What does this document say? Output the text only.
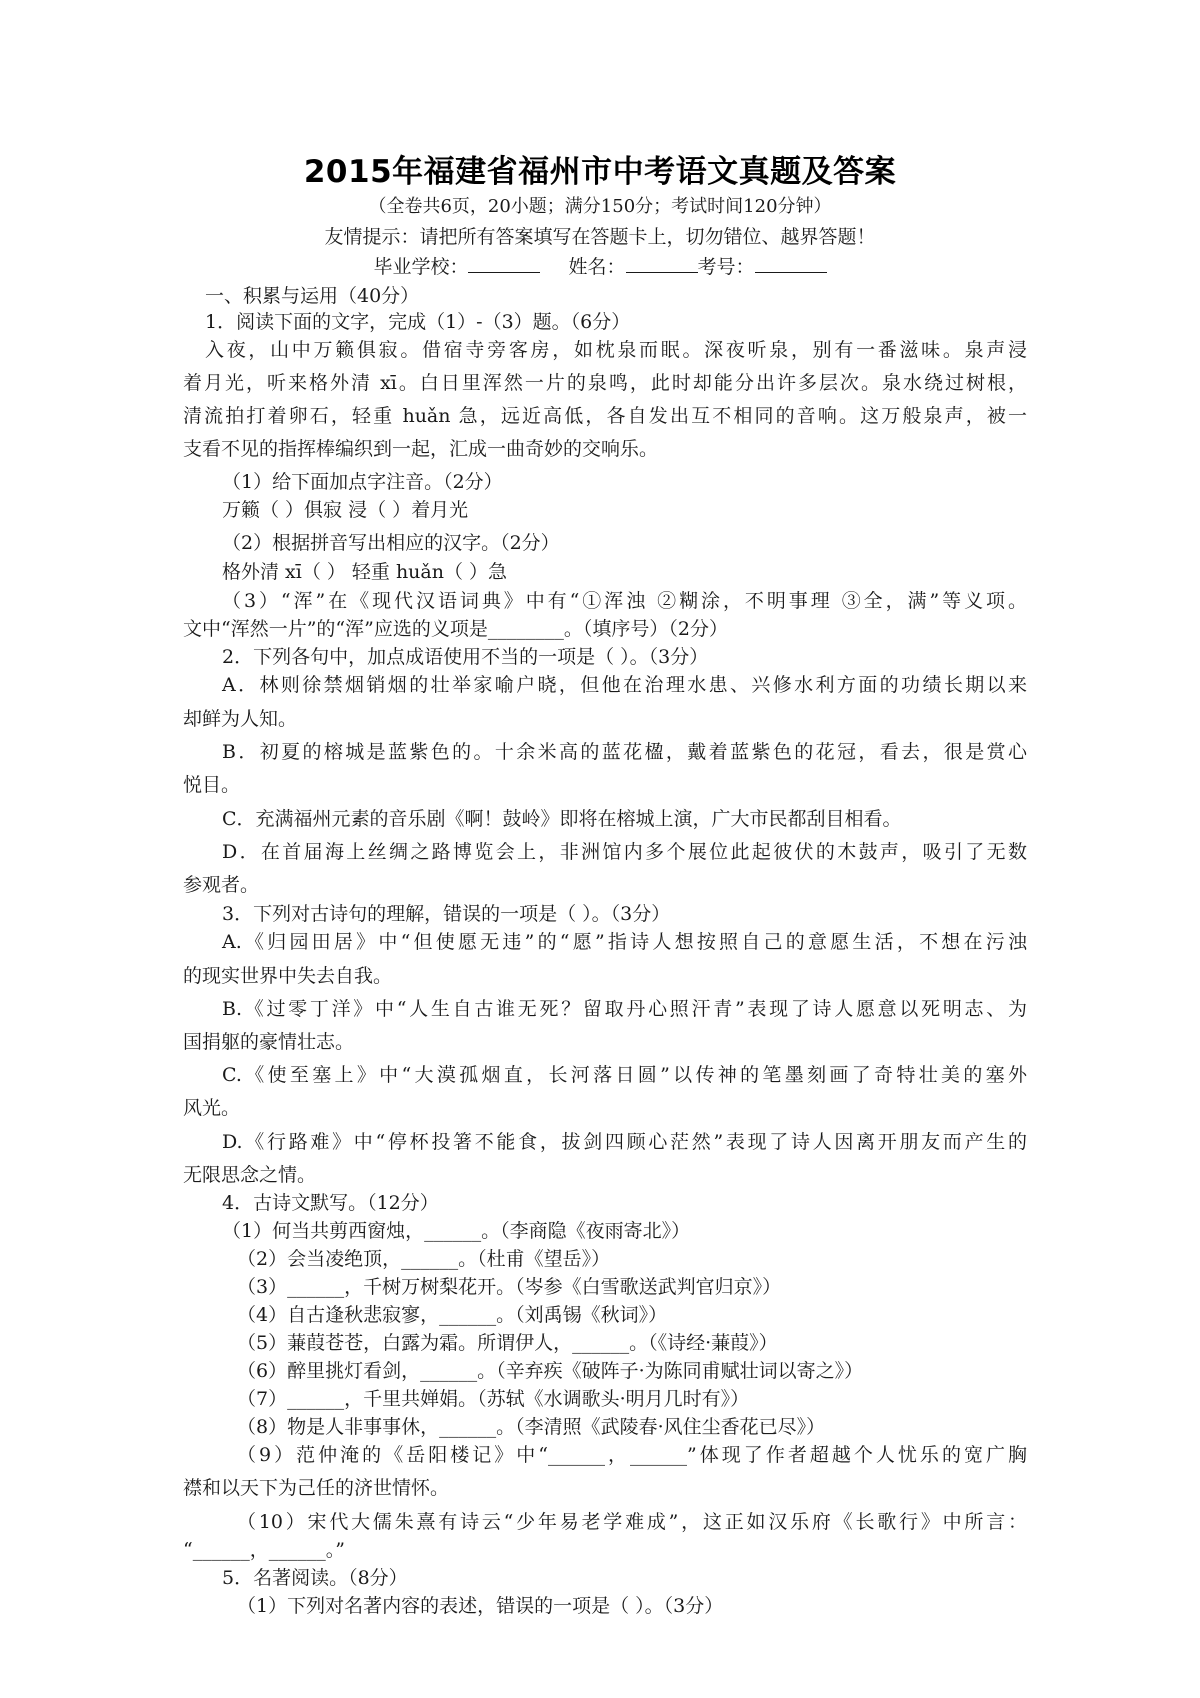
2015年福建省福州市中考语文真题及答案
（全卷共6页，20小题；满分150分；考试时间120分钟）
友情提示：请把所有答案填写在答题卡上，切勿错位、越界答题！
毕业学校：	姓名：	考号：
一、积累与运用（40分）
1．阅读下面的文字，完成（1）-（3）题。（6分）
入夜，山中万籁俱寂。借宿寺旁客房，如枕泉而眠。深夜听泉，别有一番滋味。泉声浸
着月光，听来格外清 xī。白日里浑然一片的泉鸣，此时却能分出许多层次。泉水绕过树根，
清流拍打着卵石，轻重 huǎn 急，远近高低，各自发出互不相同的音响。这万般泉声，被一
支看不见的指挥棒编织到一起，汇成一曲奇妙的交响乐。
（1）给下面加点字注音。（2分）
万籁（ ）俱寂 浸（ ）着月光
（2）根据拼音写出相应的汉字。（2分）
格外清 xī（ ） 轻重 huǎn（ ）急
（3）“浑”在《现代汉语词典》中有“①浑浊 ②糊涂，不明事理 ③全，满”等义项。
文中“浑然一片”的“浑”应选的义项是________。（填序号）（2分）
2．下列各句中，加点成语使用不当的一项是（ ）。（3分）
A．林则徐禁烟销烟的壮举家喻户晓，但他在治理水患、兴修水利方面的功绩长期以来
却鲜为人知。
B．初夏的榕城是蓝紫色的。十余米高的蓝花楹，戴着蓝紫色的花冠，看去，很是赏心
悦目。
C．充满福州元素的音乐剧《啊！鼓岭》即将在榕城上演，广大市民都刮目相看。
D．在首届海上丝绸之路博览会上，非洲馆内多个展位此起彼伏的木鼓声，吸引了无数
参观者。
3．下列对古诗句的理解，错误的一项是（ ）。（3分）
A.《归园田居》中“但使愿无违”的“愿”指诗人想按照自己的意愿生活，不想在污浊
的现实世界中失去自我。
B.《过零丁洋》中“人生自古谁无死？留取丹心照汗青”表现了诗人愿意以死明志、为
国捐躯的豪情壮志。
C.《使至塞上》中“大漠孤烟直，长河落日圆”以传神的笔墨刻画了奇特壮美的塞外
风光。
D.《行路难》中“停杯投箸不能食，拔剑四顾心茫然”表现了诗人因离开朋友而产生的
无限思念之情。
4．古诗文默写。（12分）
（1）何当共剪西窗烛，______。（李商隐《夜雨寄北》）
（2）会当凌绝顶，______。（杜甫《望岳》）
（3）______，千树万树梨花开。（岑参《白雪歌送武判官归京》）
（4）自古逢秋悲寂寥，______。（刘禹锡《秋词》）
（5）蒹葭苍苍，白露为霜。所谓伊人，______。（《诗经·蒹葭》）
（6）醉里挑灯看剑，______。（辛弃疾《破阵子·为陈同甫赋壮词以寄之》）
（7）______，千里共婵娟。（苏轼《水调歌头·明月几时有》）
（8）物是人非事事休，______。（李清照《武陵春·风住尘香花已尽》）
（9）范仲淹的《岳阳楼记》中“______，______”体现了作者超越个人忧乐的宽广胸
襟和以天下为己任的济世情怀。
（10）宋代大儒朱熹有诗云“少年易老学难成”，这正如汉乐府《长歌行》中所言：
“______，______。”
5．名著阅读。（8分）
（1）下列对名著内容的表述，错误的一项是（ ）。（3分）
